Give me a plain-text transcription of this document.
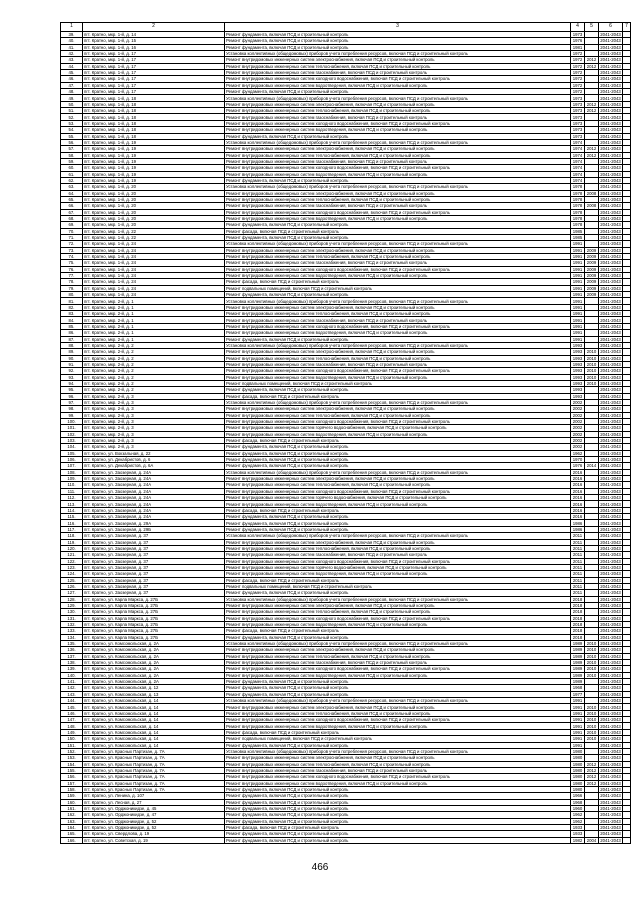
1	2	3	4	5	6	7
39.	пгт. Кратно, мкр. 1-й, д. 14	Ремонт фундамента, включая ПСД и строительный контроль	1973		2041-2043	
40.	пгт. Кратно, мкр. 1-й, д. 15	Ремонт фундамента, включая ПСД и строительный контроль	1976		2041-2043	
41.	пгт. Кратно, мкр. 1-й, д. 16	Ремонт фундамента, включая ПСД и строительный контроль	1981		2041-2043	
42.	пгт. Кратно, мкр. 1-й, д. 17	Установка коллективных (общедомовых) приборов учета потребления ресурсов, включая ПСД и строительный контроль	1972		2041-2043	
43.	пгт. Кратно, мкр. 1-й, д. 17	Ремонт внутридомовых инженерных систем электроснабжения, включая ПСД и строительный контроль	1972	2012	2041-2043	
44.	пгт. Кратно, мкр. 1-й, д. 17	Ремонт внутридомовых инженерных систем теплоснабжения, включая ПСД и строительный контроль	1972	2012	2041-2043	
45.	пгт. Кратно, мкр. 1-й, д. 17	Ремонт внутридомовых инженерных систем газоснабжения, включая ПСД и строительный контроль	1972		2041-2043	
46.	пгт. Кратно, мкр. 1-й, д. 17	Ремонт внутридомовых инженерных систем холодного водоснабжения, включая ПСД и строительный контроль	1972		2041-2043	
47.	пгт. Кратно, мкр. 1-й, д. 17	Ремонт внутридомовых инженерных систем водоотведения, включая ПСД и строительный контроль	1972		2041-2043	
48.	пгт. Кратно, мкр. 1-й, д. 17	Ремонт фундамента, включая ПСД и строительный контроль	1972		2041-2043	
49.	пгт. Кратно, мкр. 1-й, д. 18	Установка коллективных (общедомовых) приборов учета потребления ресурсов, включая ПСД и строительный контроль	1973		2041-2043	
50.	пгт. Кратно, мкр. 1-й, д. 18	Ремонт внутридомовых инженерных систем электроснабжения, включая ПСД и строительный контроль	1973	2012	2041-2043	
51.	пгт. Кратно, мкр. 1-й, д. 18	Ремонт внутридомовых инженерных систем теплоснабжения, включая ПСД и строительный контроль	1973	2012	2041-2043	
52.	пгт. Кратно, мкр. 1-й, д. 18	Ремонт внутридомовых инженерных систем газоснабжения, включая ПСД и строительный контроль	1973		2041-2043	
53.	пгт. Кратно, мкр. 1-й, д. 18	Ремонт внутридомовых инженерных систем холодного водоснабжения, включая ПСД и строительный контроль	1973		2041-2043	
54.	пгт. Кратно, мкр. 1-й, д. 18	Ремонт внутридомовых инженерных систем водоотведения, включая ПСД и строительный контроль	1973		2041-2043	
55.	пгт. Кратно, мкр. 1-й, д. 18	Ремонт фундамента, включая ПСД и строительный контроль	1973		2041-2043	
56.	пгт. Кратно, мкр. 1-й, д. 19	Установка коллективных (общедомовых) приборов учета потребления ресурсов, включая ПСД и строительный контроль	1974		2041-2043	
57.	пгт. Кратно, мкр. 1-й, д. 19	Ремонт внутридомовых инженерных систем электроснабжения, включая ПСД и строительный контроль	1974	2012	2041-2043	
58.	пгт. Кратно, мкр. 1-й, д. 19	Ремонт внутридомовых инженерных систем теплоснабжения, включая ПСД и строительный контроль	1974	2012	2041-2043	
59.	пгт. Кратно, мкр. 1-й, д. 19	Ремонт внутридомовых инженерных систем газоснабжения, включая ПСД и строительный контроль	1974		2041-2043	
60.	пгт. Кратно, мкр. 1-й, д. 19	Ремонт внутридомовых инженерных систем холодного водоснабжения, включая ПСД и строительный контроль	1974		2041-2043	
61.	пгт. Кратно, мкр. 1-й, д. 19	Ремонт внутридомовых инженерных систем водоотведения, включая ПСД и строительный контроль	1974		2041-2043	
62.	пгт. Кратно, мкр. 1-й, д. 19	Ремонт фундамента, включая ПСД и строительный контроль	1974		2041-2043	
63.	пгт. Кратно, мкр. 1-й, д. 20	Установка коллективных (общедомовых) приборов учета потребления ресурсов, включая ПСД и строительный контроль	1978		2041-2043	
64.	пгт. Кратно, мкр. 1-й, д. 20	Ремонт внутридомовых инженерных систем электроснабжения, включая ПСД и строительный контроль	1978	2008	2041-2043	
65.	пгт. Кратно, мкр. 1-й, д. 20	Ремонт внутридомовых инженерных систем теплоснабжения, включая ПСД и строительный контроль	1978		2041-2043	
66.	пгт. Кратно, мкр. 1-й, д. 20	Ремонт внутридомовых инженерных систем газоснабжения, включая ПСД и строительный контроль	1978	2008	2041-2043	
67.	пгт. Кратно, мкр. 1-й, д. 20	Ремонт внутридомовых инженерных систем холодного водоснабжения, включая ПСД и строительный контроль	1978		2041-2043	
68.	пгт. Кратно, мкр. 1-й, д. 20	Ремонт внутридомовых инженерных систем водоотведения, включая ПСД и строительный контроль	1978		2041-2043	
69.	пгт. Кратно, мкр. 1-й, д. 20	Ремонт фундамента, включая ПСД и строительный контроль	1978		2041-2043	
70.	пгт. Кратно, мкр. 1-й, д. 22	Ремонт фасада, включая ПСД и строительный контроль	1985		2041-2043	
71.	пгт. Кратно, мкр. 1-й, д. 22	Ремонт фундамента, включая ПСД и строительный контроль	1985		2041-2043	
72.	пгт. Кратно, мкр. 1-й, д. 24	Установка коллективных (общедомовых) приборов учета потребления ресурсов, включая ПСД и строительный контроль	1991		2041-2043	
73.	пгт. Кратно, мкр. 1-й, д. 24	Ремонт внутридомовых инженерных систем электроснабжения, включая ПСД и строительный контроль	1991	2009	2041-2043	
74.	пгт. Кратно, мкр. 1-й, д. 24	Ремонт внутридомовых инженерных систем теплоснабжения, включая ПСД и строительный контроль	1991	2009	2041-2043	
75.	пгт. Кратно, мкр. 1-й, д. 24	Ремонт внутридомовых инженерных систем газоснабжения, включая ПСД и строительный контроль	1991	2009	2041-2043	
76.	пгт. Кратно, мкр. 1-й, д. 24	Ремонт внутридомовых инженерных систем холодного водоснабжения, включая ПСД и строительный контроль	1991	2009	2041-2043	
77.	пгт. Кратно, мкр. 1-й, д. 24	Ремонт внутридомовых инженерных систем водоотведения, включая ПСД и строительный контроль	1991	2009	2041-2043	
78.	пгт. Кратно, мкр. 1-й, д. 24	Ремонт фасада, включая ПСД и строительный контроль	1991	2009	2041-2043	
79.	пгт. Кратно, мкр. 1-й, д. 24	Ремонт подвальных помещений, включая ПСД и строительный контроль	1991	2009	2041-2043	
80.	пгт. Кратно, мкр. 1-й, д. 24	Ремонт фундамента, включая ПСД и строительный контроль	1991	2009	2041-2043	
81.	пгт. Кратно, мкр. 2-й, д. 1	Установка коллективных (общедомовых) приборов учета потребления ресурсов, включая ПСД и строительный контроль	1991		2041-2043	
82.	пгт. Кратно, мкр. 2-й, д. 1	Ремонт внутридомовых инженерных систем электроснабжения, включая ПСД и строительный контроль	1991		2041-2043	
83.	пгт. Кратно, мкр. 2-й, д. 1	Ремонт внутридомовых инженерных систем теплоснабжения, включая ПСД и строительный контроль	1991		2041-2043	
84.	пгт. Кратно, мкр. 2-й, д. 1	Ремонт внутридомовых инженерных систем газоснабжения, включая ПСД и строительный контроль	1991		2041-2043	
85.	пгт. Кратно, мкр. 2-й, д. 1	Ремонт внутридомовых инженерных систем холодного водоснабжения, включая ПСД и строительный контроль	1991		2041-2043	
86.	пгт. Кратно, мкр. 2-й, д. 1	Ремонт внутридомовых инженерных систем водоотведения, включая ПСД и строительный контроль	1991		2041-2043	
87.	пгт. Кратно, мкр. 2-й, д. 1	Ремонт фундамента, включая ПСД и строительный контроль	1991		2041-2043	
88.	пгт. Кратно, мкр. 2-й, д. 2	Установка коллективных (общедомовых) приборов учета потребления ресурсов, включая ПСД и строительный контроль	1993		2041-2043	
89.	пгт. Кратно, мкр. 2-й, д. 2	Ремонт внутридомовых инженерных систем электроснабжения, включая ПСД и строительный контроль	1993	2010	2041-2043	
90.	пгт. Кратно, мкр. 2-й, д. 2	Ремонт внутридомовых инженерных систем теплоснабжения, включая ПСД и строительный контроль	1993	2010	2041-2043	
91.	пгт. Кратно, мкр. 2-й, д. 2	Ремонт внутридомовых инженерных систем газоснабжения, включая ПСД и строительный контроль	1993	2010	2041-2043	
92.	пгт. Кратно, мкр. 2-й, д. 2	Ремонт внутридомовых инженерных систем холодного водоснабжения, включая ПСД и строительный контроль	1993	2010	2041-2043	
93.	пгт. Кратно, мкр. 2-й, д. 2	Ремонт внутридомовых инженерных систем водоотведения, включая ПСД и строительный контроль	1993	2010	2041-2043	
94.	пгт. Кратно, мкр. 2-й, д. 2	Ремонт подвальных помещений, включая ПСД и строительный контроль	1993	2010	2041-2043	
95.	пгт. Кратно, мкр. 2-й, д. 2	Ремонт фундамента, включая ПСД и строительный контроль	1993		2041-2043	
96.	пгт. Кратно, мкр. 2-й, д. 3	Ремонт фасада, включая ПСД и строительный контроль	1993		2041-2043	
97.	пгт. Кратно, мкр. 2-й, д. 3	Установка коллективных (общедомовых) приборов учета потребления ресурсов, включая ПСД и строительный контроль	2002		2041-2043	
98.	пгт. Кратно, мкр. 2-й, д. 3	Ремонт внутридомовых инженерных систем электроснабжения, включая ПСД и строительный контроль	2002		2041-2043	
99.	пгт. Кратно, мкр. 2-й, д. 3	Ремонт внутридомовых инженерных систем теплоснабжения, включая ПСД и строительный контроль	2002		2041-2043	
100.	пгт. Кратно, мкр. 2-й, д. 3	Ремонт внутридомовых инженерных систем холодного водоснабжения, включая ПСД и строительный контроль	2002		2041-2043	
101.	пгт. Кратно, мкр. 2-й, д. 3	Ремонт внутридомовых инженерных систем горячего водоснабжения, включая ПСД и строительный контроль	2002		2041-2043	
102.	пгт. Кратно, мкр. 2-й, д. 3	Ремонт внутридомовых инженерных систем водоотведения, включая ПСД и строительный контроль	2002		2041-2043	
103.	пгт. Кратно, мкр. 2-й, д. 3	Ремонт фасада, включая ПСД и строительный контроль	2002		2041-2043	
104.	пгт. Кратно, мкр. 2-й, д. 3	Ремонт фундамента, включая ПСД и строительный контроль	2002		2041-2043	
105.	пгт. Кратно, ул. Вокзальная, д. 22	Ремонт фундамента, включая ПСД и строительный контроль	1962		2041-2043	
106.	пгт. Кратно, ул. Декабристов, д. 6	Ремонт фундамента, включая ПСД и строительный контроль	1970		2041-2043	
107.	пгт. Кратно, ул. Декабристов, д. 6А	Ремонт фундамента, включая ПСД и строительный контроль	1976	2014	2041-2043	
108.	пгт. Кратно, ул. Заозерная, д. 24А	Установка коллективных (общедомовых) приборов учета потребления ресурсов, включая ПСД и строительный контроль	2016		2041-2043	
109.	пгт. Кратно, ул. Заозерная, д. 24А	Ремонт внутридомовых инженерных систем электроснабжения, включая ПСД и строительный контроль	2016		2041-2043	
110.	пгт. Кратно, ул. Заозерная, д. 24А	Ремонт внутридомовых инженерных систем теплоснабжения, включая ПСД и строительный контроль	2016		2041-2043	
111.	пгт. Кратно, ул. Заозерная, д. 24А	Ремонт внутридомовых инженерных систем холодного водоснабжения, включая ПСД и строительный контроль	2016		2041-2043	
112.	пгт. Кратно, ул. Заозерная, д. 24А	Ремонт внутридомовых инженерных систем горячего водоснабжения, включая ПСД и строительный контроль	2016		2041-2043	
113.	пгт. Кратно, ул. Заозерная, д. 24А	Ремонт внутридомовых инженерных систем водоотведения, включая ПСД и строительный контроль	2016		2041-2043	
114.	пгт. Кратно, ул. Заозерная, д. 24А	Ремонт фасада, включая ПСД и строительный контроль	2016		2041-2043	
115.	пгт. Кратно, ул. Заозерная, д. 24А	Ремонт фундамента, включая ПСД и строительный контроль	2016		2041-2043	
116.	пгт. Кратно, ул. Заозерная, д. 29А	Ремонт фундамента, включая ПСД и строительный контроль	1986		2041-2043	
117.	пгт. Кратно, ул. Заозерная, д. 29Б	Ремонт фундамента, включая ПСД и строительный контроль	1986		2041-2043	
118.	пгт. Кратно, ул. Заозерная, д. 37	Установка коллективных (общедомовых) приборов учета потребления ресурсов, включая ПСД и строительный контроль	2011		2041-2043	
119.	пгт. Кратно, ул. Заозерная, д. 37	Ремонт внутридомовых инженерных систем электроснабжения, включая ПСД и строительный контроль	2011		2041-2043	
120.	пгт. Кратно, ул. Заозерная, д. 37	Ремонт внутридомовых инженерных систем теплоснабжения, включая ПСД и строительный контроль	2011		2041-2043	
121.	пгт. Кратно, ул. Заозерная, д. 37	Ремонт внутридомовых инженерных систем газоснабжения, включая ПСД и строительный контроль	2011		2041-2043	
122.	пгт. Кратно, ул. Заозерная, д. 37	Ремонт внутридомовых инженерных систем холодного водоснабжения, включая ПСД и строительный контроль	2011		2041-2043	
123.	пгт. Кратно, ул. Заозерная, д. 37	Ремонт внутридомовых инженерных систем горячего водоснабжения, включая ПСД и строительный контроль	2011		2041-2043	
124.	пгт. Кратно, ул. Заозерная, д. 37	Ремонт внутридомовых инженерных систем водоотведения, включая ПСД и строительный контроль	2011		2041-2043	
125.	пгт. Кратно, ул. Заозерная, д. 37	Ремонт фасада, включая ПСД и строительный контроль	2011		2041-2043	
126.	пгт. Кратно, ул. Заозерная, д. 37	Ремонт подвальных помещений, включая ПСД и строительный контроль	2011		2041-2043	
127.	пгт. Кратно, ул. Заозерная, д. 37	Ремонт фундамента, включая ПСД и строительный контроль	2011		2041-2043	
128.	пгт. Кратно, ул. Карла Маркса, д. 27Б	Установка коллективных (общедомовых) приборов учета потребления ресурсов, включая ПСД и строительный контроль	2018		2041-2043	
129.	пгт. Кратно, ул. Карла Маркса, д. 27Б	Ремонт внутридомовых инженерных систем электроснабжения, включая ПСД и строительный контроль	2018		2041-2043	
130.	пгт. Кратно, ул. Карла Маркса, д. 27Б	Ремонт внутридомовых инженерных систем теплоснабжения, включая ПСД и строительный контроль	2018		2041-2043	
131.	пгт. Кратно, ул. Карла Маркса, д. 27Б	Ремонт внутридомовых инженерных систем холодного водоснабжения, включая ПСД и строительный контроль	2018		2041-2043	
132.	пгт. Кратно, ул. Карла Маркса, д. 27Б	Ремонт внутридомовых инженерных систем водоотведения, включая ПСД и строительный контроль	2018		2041-2043	
133.	пгт. Кратно, ул. Карла Маркса, д. 27Б	Ремонт фасада, включая ПСД и строительный контроль	2018		2041-2043	
134.	пгт. Кратно, ул. Карла Маркса, д. 27Б	Ремонт фундамента, включая ПСД и строительный контроль	2018		2041-2043	
135.	пгт. Кратно, ул. Комсомольская, д. 2А	Установка коллективных (общедомовых) приборов учета потребления ресурсов, включая ПСД и строительный контроль	1989	2010	2041-2043	
136.	пгт. Кратно, ул. Комсомольская, д. 2А	Ремонт внутридомовых инженерных систем электроснабжения, включая ПСД и строительный контроль	1989	2010	2041-2043	
137.	пгт. Кратно, ул. Комсомольская, д. 2А	Ремонт внутридомовых инженерных систем теплоснабжения, включая ПСД и строительный контроль	1989	2010	2041-2043	
138.	пгт. Кратно, ул. Комсомольская, д. 2А	Ремонт внутридомовых инженерных систем газоснабжения, включая ПСД и строительный контроль	1989	2010	2041-2043	
139.	пгт. Кратно, ул. Комсомольская, д. 2А	Ремонт внутридомовых инженерных систем холодного водоснабжения, включая ПСД и строительный контроль	1989	2010	2041-2043	
140.	пгт. Кратно, ул. Комсомольская, д. 2А	Ремонт внутридомовых инженерных систем водоотведения, включая ПСД и строительный контроль	1989	2010	2041-2043	
141.	пгт. Кратно, ул. Комсомольская, д. 2А	Ремонт фундамента, включая ПСД и строительный контроль	1989		2041-2043	
142.	пгт. Кратно, ул. Комсомольская, д. 12	Ремонт фундамента, включая ПСД и строительный контроль	1968		2041-2043	
143.	пгт. Кратно, ул. Комсомольская, д. 13	Ремонт фундамента, включая ПСД и строительный контроль	1977		2041-2043	
144.	пгт. Кратно, ул. Комсомольская, д. 14	Установка коллективных (общедомовых) приборов учета потребления ресурсов, включая ПСД и строительный контроль	1991		2041-2043	
145.	пгт. Кратно, ул. Комсомольская, д. 14	Ремонт внутридомовых инженерных систем электроснабжения, включая ПСД и строительный контроль	1991	2010	2041-2043	
146.	пгт. Кратно, ул. Комсомольская, д. 14	Ремонт внутридомовых инженерных систем теплоснабжения, включая ПСД и строительный контроль	1991	2010	2041-2043	
147.	пгт. Кратно, ул. Комсомольская, д. 14	Ремонт внутридомовых инженерных систем холодного водоснабжения, включая ПСД и строительный контроль	1991	2010	2041-2043	
148.	пгт. Кратно, ул. Комсомольская, д. 14	Ремонт внутридомовых инженерных систем водоотведения, включая ПСД и строительный контроль	1991	2010	2041-2043	
149.	пгт. Кратно, ул. Комсомольская, д. 14	Ремонт фасада, включая ПСД и строительный контроль	1991	2010	2041-2043	
150.	пгт. Кратно, ул. Комсомольская, д. 14	Ремонт подвальных помещений, включая ПСД и строительный контроль	1991	2010	2041-2043	
151.	пгт. Кратно, ул. Комсомольская, д. 14	Ремонт фундамента, включая ПСД и строительный контроль	1991		2041-2043	
152.	пгт. Кратно, ул. Красных Партизан, д. 7А	Установка коллективных (общедомовых) приборов учета потребления ресурсов, включая ПСД и строительный контроль	1980		2041-2043	
153.	пгт. Кратно, ул. Красных Партизан, д. 7А	Ремонт внутридомовых инженерных систем электроснабжения, включая ПСД и строительный контроль	1980		2041-2043	
154.	пгт. Кратно, ул. Красных Партизан, д. 7А	Ремонт внутридомовых инженерных систем теплоснабжения, включая ПСД и строительный контроль	1980	2012	2041-2043	
155.	пгт. Кратно, ул. Красных Партизан, д. 7А	Ремонт внутридомовых инженерных систем газоснабжения, включая ПСД и строительный контроль	1980	2012	2041-2043	
156.	пгт. Кратно, ул. Красных Партизан, д. 7А	Ремонт внутридомовых инженерных систем холодного водоснабжения, включая ПСД и строительный контроль	1980	2012	2041-2043	
157.	пгт. Кратно, ул. Красных Партизан, д. 7А	Ремонт внутридомовых инженерных систем водоотведения, включая ПСД и строительный контроль	1980	2012	2041-2043	
158.	пгт. Кратно, ул. Красных Партизан, д. 7А	Ремонт фундамента, включая ПСД и строительный контроль	1980		2041-2043	
159.	пгт. Кратно, ул. Ленина, д. 107	Ремонт фундамента, включая ПСД и строительный контроль	1966		2041-2043	
160.	пгт. Кратно, ул. Лесная, д. 27	Ремонт фундамента, включая ПСД и строительный контроль	1968		2041-2043	
161.	пгт. Кратно, ул. Орджоникидзе, д. 45	Ремонт фундамента, включая ПСД и строительный контроль	1960		2041-2043	
162.	пгт. Кратно, ул. Орджоникидзе, д. 47	Ремонт фундамента, включая ПСД и строительный контроль	1962		2041-2043	
163.	пгт. Кратно, ул. Орджоникидзе, д. 52	Ремонт фундамента, включая ПСД и строительный контроль	1962		2041-2043	
164.	пгт. Кратно, ул. Орджоникидзе, д. 52	Ремонт фасада, включая ПСД и строительный контроль	1933		2041-2043	
165.	пгт. Кратно, ул. Свердлова, д. 19	Ремонт фундамента, включая ПСД и строительный контроль	1933		2041-2043	
166.	пгт. Кратно, ул. Советская, д. 19	Ремонт фундамента, включая ПСД и строительный контроль	1982	2004	2041-2043	
466
